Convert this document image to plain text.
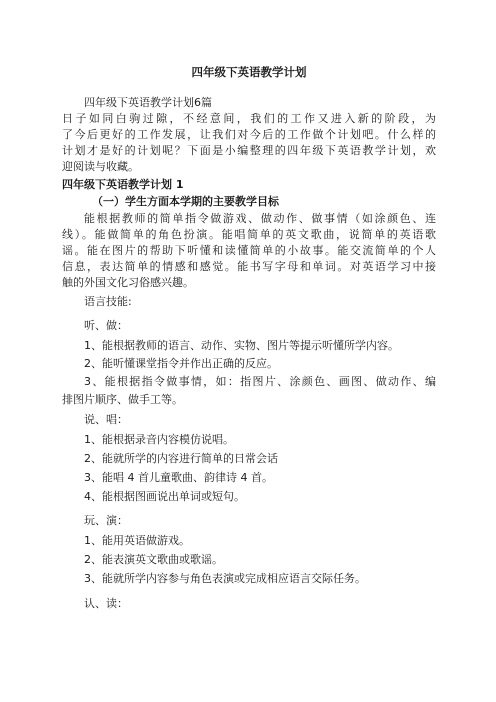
四年级下英语教学计划
四年级下英语教学计划6篇
日子如同白驹过隙，不经意间，我们的工作又进入新的阶段，为
了今后更好的工作发展，让我们对今后的工作做个计划吧。什么样的
计划才是好的计划呢？下面是小编整理的四年级下英语教学计划，欢
迎阅读与收藏。
四年级下英语教学计划 1
（一）学生方面本学期的主要教学目标
能根据教师的简单指令做游戏、做动作、做事情（如涂颜色、连
线）。能做简单的角色扮演。能唱简单的英文歌曲，说简单的英语歌
谣。能在图片的帮助下听懂和读懂简单的小故事。能交流简单的个人
信息，表达简单的情感和感觉。能书写字母和单词。对英语学习中接
触的外国文化习俗感兴趣。
语言技能:
听、做：
1、能根据教师的语言、动作、实物、图片等提示听懂所学内容。
2、能听懂课堂指令并作出正确的反应。
3、能根据指令做事情，如：指图片、涂颜色、画图、做动作、编
排图片顺序、做手工等。
说、唱：
1、能根据录音内容模仿说唱。
2、能就所学的内容进行简单的日常会话
3、能唱 4 首儿童歌曲、韵律诗 4 首。
4、能根据图画说出单词或短句。
玩、演：
1、能用英语做游戏。
2、能表演英文歌曲或歌谣。
3、能就所学内容参与角色表演或完成相应语言交际任务。
认、读：
